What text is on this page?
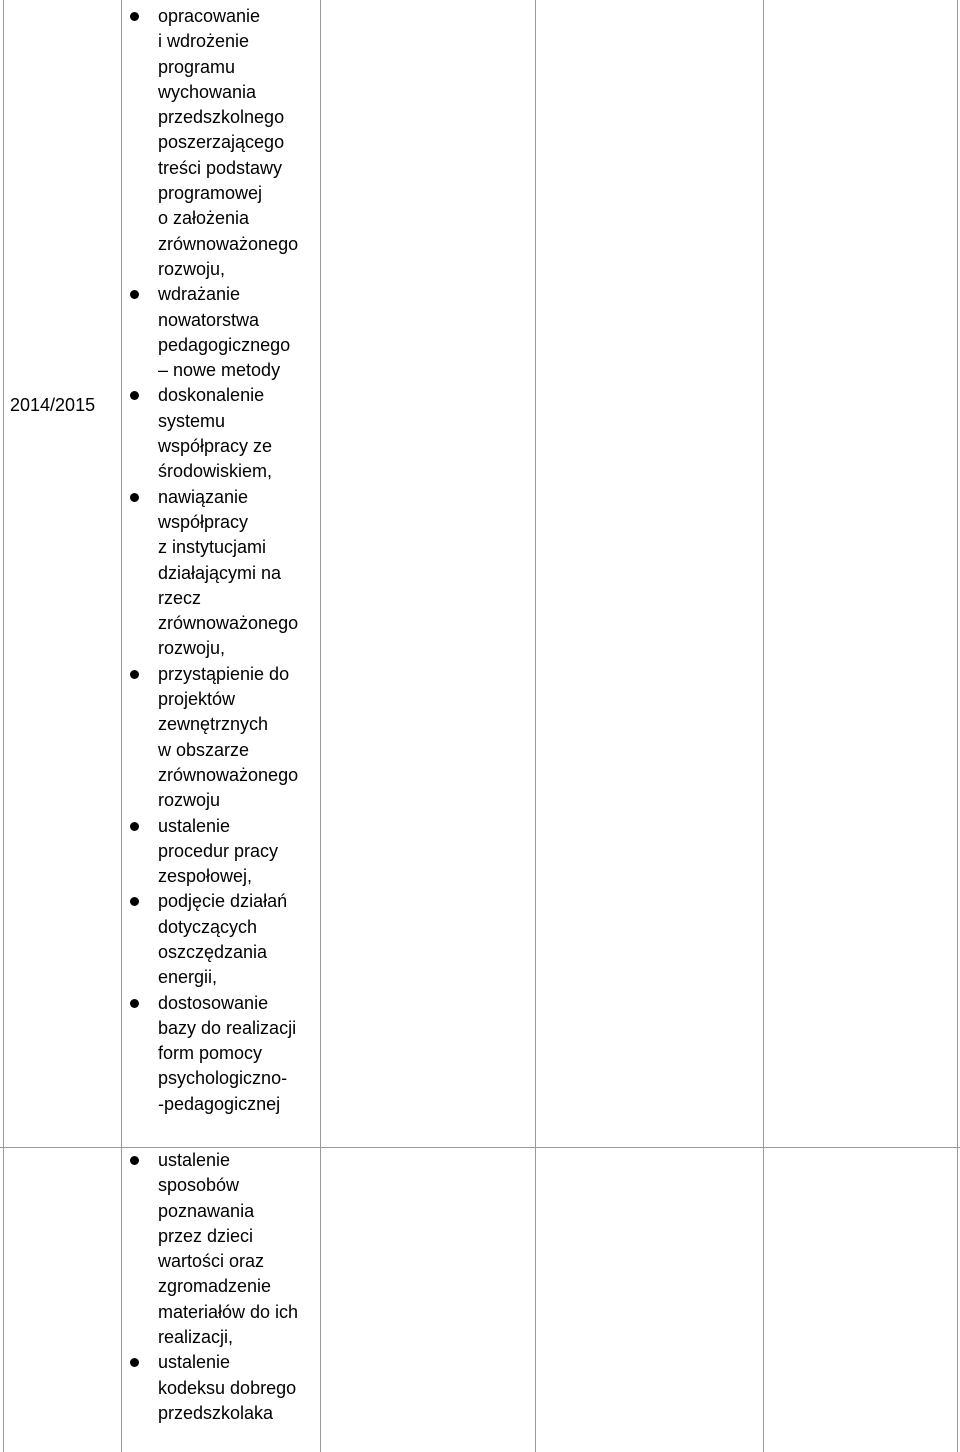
2014/2015
opracowanie
i wdrożenie
programu
wychowania
przedszkolnego
poszerzającego
treści podstawy
programowej
o założenia
zrównoważonego
rozwoju,
wdrażanie
nowatorstwa
pedagogicznego
– nowe metody
doskonalenie
systemu
współpracy ze
środowiskiem,
nawiązanie
współpracy
z instytucjami
działającymi na
rzecz
zrównoważonego
rozwoju,
przystąpienie do
projektów
zewnętrznych
w obszarze
zrównoważonego
rozwoju
ustalenie
procedur pracy
zespołowej,
podjęcie działań
dotyczących
oszczędzania
energii,
dostosowanie
bazy do realizacji
form pomocy
psychologiczno-
-pedagogicznej
ustalenie
sposobów
poznawania
przez dzieci
wartości oraz
zgromadzenie
materiałów do ich
realizacji,
ustalenie
kodeksu dobrego
przedszkolaka
